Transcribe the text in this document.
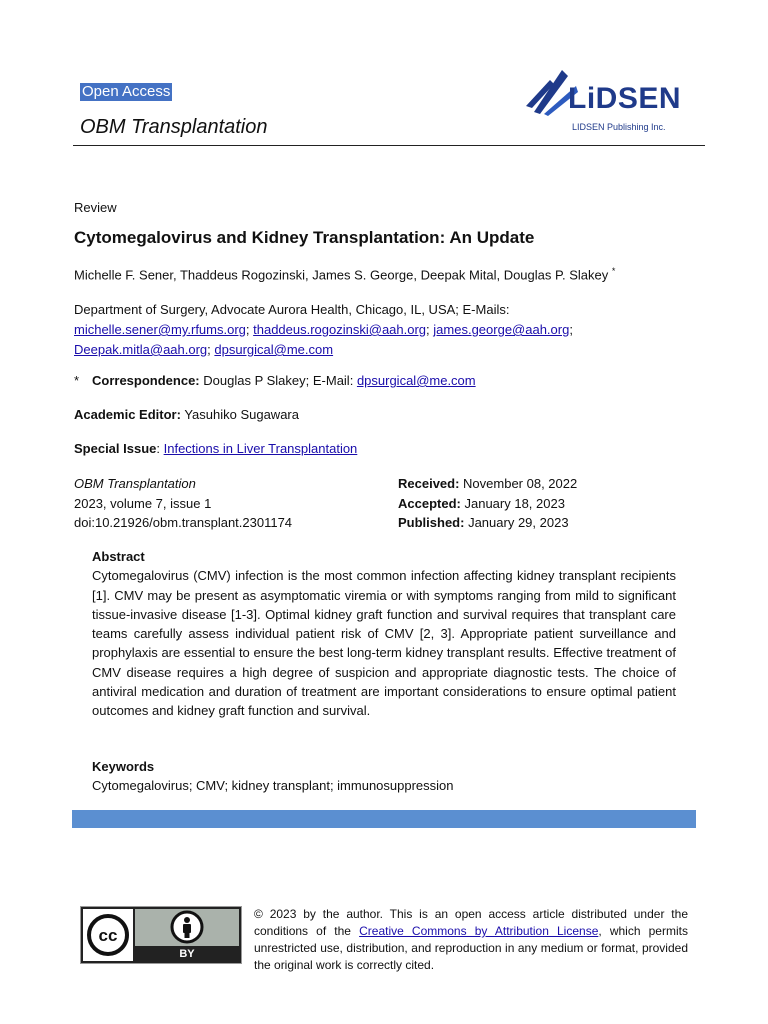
Open Access
OBM Transplantation
LiDSEN
LIDSEN Publishing Inc.
Review
Cytomegalovirus and Kidney Transplantation: An Update
Michelle F. Sener, Thaddeus Rogozinski, James S. George, Deepak Mital, Douglas P. Slakey *
Department of Surgery, Advocate Aurora Health, Chicago, IL, USA; E-Mails:
michelle.sener@my.rfums.org; thaddeus.rogozinski@aah.org; james.george@aah.org;
Deepak.mitla@aah.org; dpsurgical@me.com
* Correspondence: Douglas P Slakey; E-Mail: dpsurgical@me.com
Academic Editor: Yasuhiko Sugawara
Special Issue: Infections in Liver Transplantation
OBM Transplantation
2023, volume 7, issue 1
doi:10.21926/obm.transplant.2301174
Received: November 08, 2022
Accepted: January 18, 2023
Published: January 29, 2023
Abstract

Cytomegalovirus (CMV) infection is the most common infection affecting kidney transplant recipients [1]. CMV may be present as asymptomatic viremia or with symptoms ranging from mild to significant tissue-invasive disease [1-3]. Optimal kidney graft function and survival requires that transplant care teams carefully assess individual patient risk of CMV [2, 3]. Appropriate patient surveillance and prophylaxis are essential to ensure the best long-term kidney transplant results. Effective treatment of CMV disease requires a high degree of suspicion and appropriate diagnostic tests. The choice of antiviral medication and duration of treatment are important considerations to ensure optimal patient outcomes and kidney graft function and survival.

Keywords
Cytomegalovirus; CMV; kidney transplant; immunosuppression
cc
BY
© 2023 by the author. This is an open access article distributed under the conditions of the Creative Commons by Attribution License, which permits unrestricted use, distribution, and reproduction in any medium or format, provided the original work is correctly cited.
